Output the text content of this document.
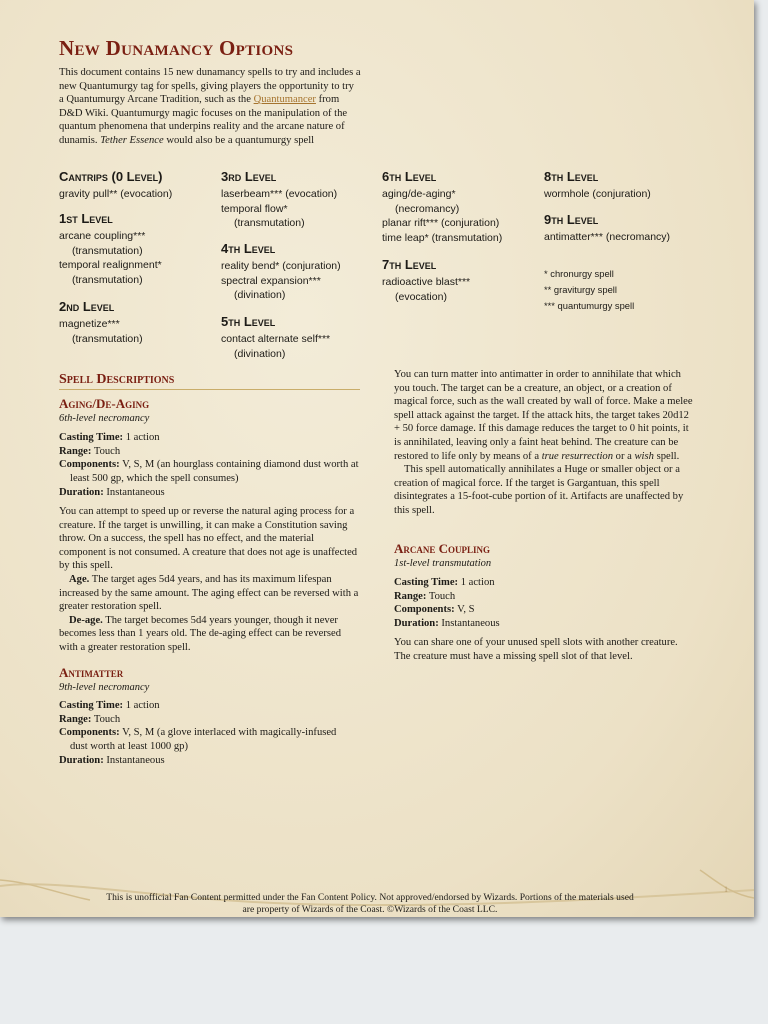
New Dunamancy Options

This document contains 15 new dunamancy spells to try and includes a new Quantumurgy tag for spells, giving players the opportunity to try a Quantumurgy Arcane Tradition, such as the Quantumancer from D&D Wiki. Quantumurgy magic focuses on the manipulation of the quantum phenomena that underpins reality and the arcane nature of dunamis. Tether Essence would also be a quantumurgy spell

Cantrips (0 Level)
gravity pull** (evocation)
1st Level
arcane coupling***
(transmutation)
temporal realignment*
(transmutation)
2nd Level
magnetize***
(transmutation)
3rd Level
laserbeam*** (evocation)
temporal flow*
(transmutation)
4th Level
reality bend* (conjuration)
spectral expansion***
(divination)
5th Level
contact alternate self***
(divination)
6th Level
aging/de-aging*
(necromancy)
planar rift*** (conjuration)
time leap* (transmutation)
7th Level
radioactive blast***
(evocation)
8th Level
wormhole (conjuration)
9th Level
antimatter*** (necromancy)
* chronurgy spell
** graviturgy spell
*** quantumurgy spell
Spell Descriptions
Aging/De-Aging
6th-level necromancy
Casting Time: 1 action
Range: Touch
Components: V, S, M (an hourglass containing diamond dust worth at least 500 gp, which the spell consumes)
Duration: Instantaneous
You can attempt to speed up or reverse the natural aging process for a creature. If the target is unwilling, it can make a Constitution saving throw. On a success, the spell has no effect, and the material component is not consumed. A creature that does not age is unaffected by this spell.
Age. The target ages 5d4 years, and has its maximum lifespan increased by the same amount. The aging effect can be reversed with a greater restoration spell.
De-age. The target becomes 5d4 years younger, though it never becomes less than 1 years old. The de-aging effect can be reversed with a greater restoration spell.
Antimatter
9th-level necromancy
Casting Time: 1 action
Range: Touch
Components: V, S, M (a glove interlaced with magically-infused dust worth at least 1000 gp)
Duration: Instantaneous
You can turn matter into antimatter in order to annihilate that which you touch. The target can be a creature, an object, or a creation of magical force, such as the wall created by wall of force. Make a melee spell attack against the target. If the attack hits, the target takes 20d12 + 50 force damage. If this damage reduces the target to 0 hit points, it is annihilated, leaving only a faint heat behind. The creature can be restored to life only by means of a true resurrection or a wish spell.
This spell automatically annihilates a Huge or smaller object or a creation of magical force. If the target is Gargantuan, this spell disintegrates a 15-foot-cube portion of it. Artifacts are unaffected by this spell.
Arcane Coupling
1st-level transmutation
Casting Time: 1 action
Range: Touch
Components: V, S
Duration: Instantaneous
You can share one of your unused spell slots with another creature. The creature must have a missing spell slot of that level.
1
This is unofficial Fan Content permitted under the Fan Content Policy. Not approved/endorsed by Wizards. Portions of the materials used
are property of Wizards of the Coast. ©Wizards of the Coast LLC.
